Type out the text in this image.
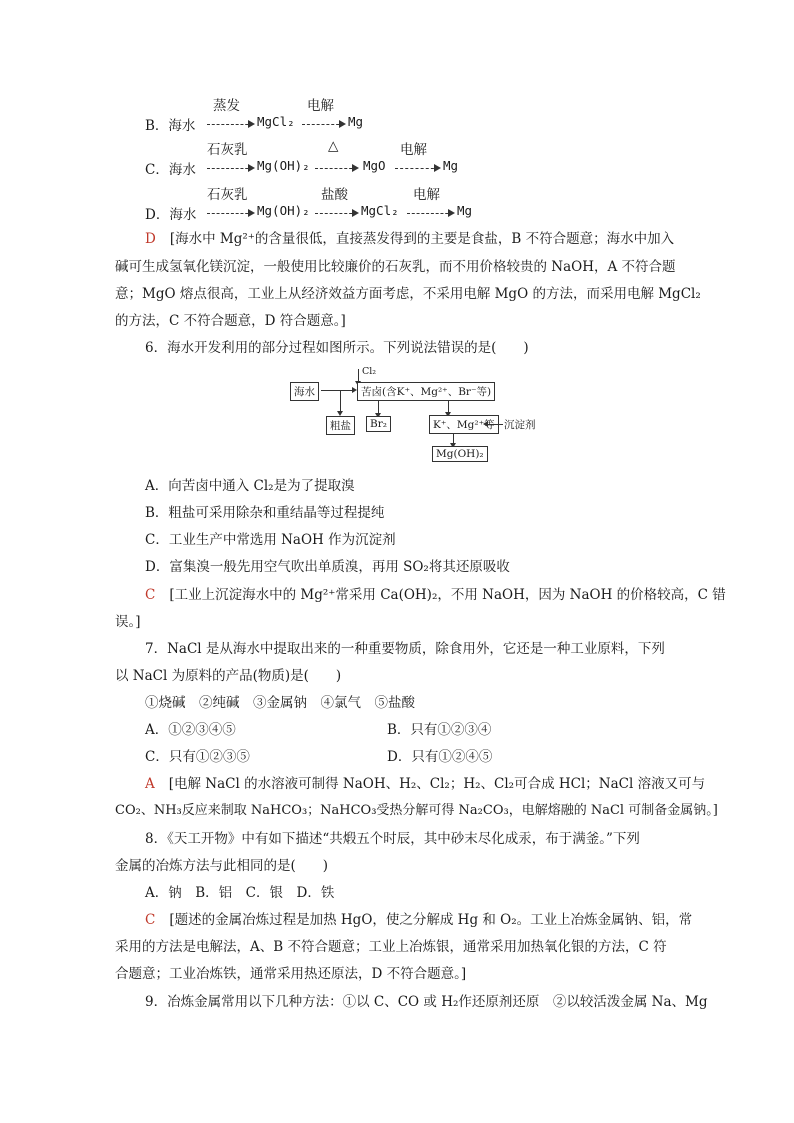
B．海水
蒸发
→ MgCl₂
电解
→ Mg
C．海水
石灰乳
→ Mg(OH)₂
△
→ MgO
电解
→ Mg
D．海水
石灰乳
→ Mg(OH)₂
盐酸
→ MgCl₂
电解
→ Mg
D [海水中 Mg²⁺的含量很低，直接蒸发得到的主要是食盐，B 不符合题意；海水中加入
碱可生成氢氧化镁沉淀，一般使用比较廉价的石灰乳，而不用价格较贵的 NaOH，A 不符合题
意；MgO 熔点很高，工业上从经济效益方面考虑，不采用电解 MgO 的方法，而采用电解 MgCl₂
的方法，C 不符合题意，D 符合题意。]
6．海水开发利用的部分过程如图所示。下列说法错误的是(　　)
Cl₂
海水	苦卤(含K⁺、Mg²⁺、Br⁻等)
粗盐	Br₂	K⁺、Mg²⁺等 沉淀剂
Mg(OH)₂
A．向苦卤中通入 Cl₂是为了提取溴
B．粗盐可采用除杂和重结晶等过程提纯
C．工业生产中常选用 NaOH 作为沉淀剂
D．富集溴一般先用空气吹出单质溴，再用 SO₂将其还原吸收
C [工业上沉淀海水中的 Mg²⁺常采用 Ca(OH)₂，不用 NaOH，因为 NaOH 的价格较高，C 错
误。]
7．NaCl 是从海水中提取出来的一种重要物质，除食用外，它还是一种工业原料，下列
以 NaCl 为原料的产品(物质)是(　　)
①烧碱　②纯碱　③金属钠　④氯气　⑤盐酸
A．①②③④⑤	B．只有①②③④
C．只有①②③⑤	D．只有①②④⑤
A [电解 NaCl 的水溶液可制得 NaOH、H₂、Cl₂；H₂、Cl₂可合成 HCl；NaCl 溶液又可与
CO₂、NH₃反应来制取 NaHCO₃；NaHCO₃受热分解可得 Na₂CO₃，电解熔融的 NaCl 可制备金属钠。]
8．《天工开物》中有如下描述“共煅五个时辰，其中砂末尽化成汞，布于满釜。”下列
金属的冶炼方法与此相同的是(　　)
A．钠　B．铝　C．银　D．铁
C [题述的金属冶炼过程是加热 HgO，使之分解成 Hg 和 O₂。工业上冶炼金属钠、铝，常
采用的方法是电解法，A、B 不符合题意；工业上冶炼银，通常采用加热氧化银的方法，C 符
合题意；工业冶炼铁，通常采用热还原法，D 不符合题意。]
9．冶炼金属常用以下几种方法：①以 C、CO 或 H₂作还原剂还原　②以较活泼金属 Na、Mg
